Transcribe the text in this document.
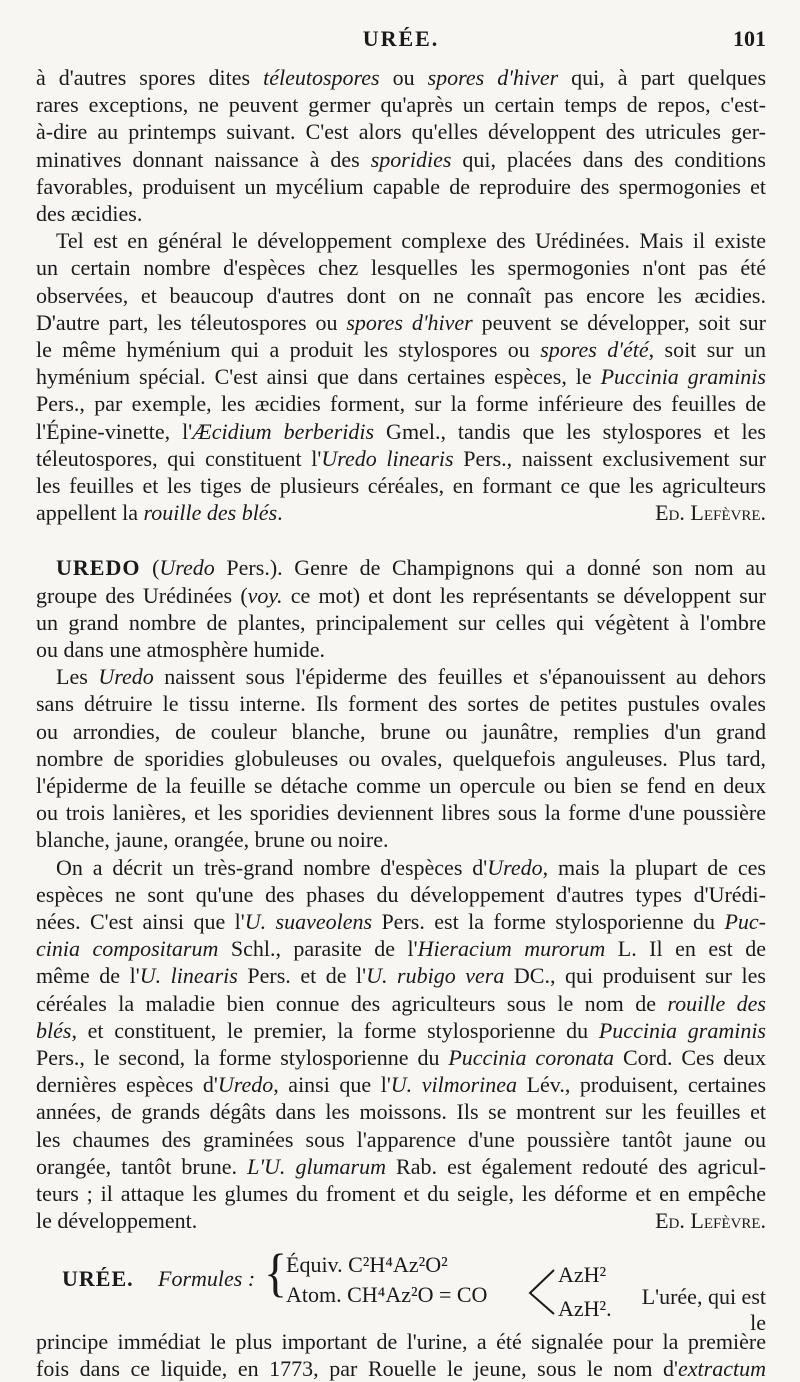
URÉE.	101
à d'autres spores dites téleutospores ou spores d'hiver qui, à part quelques
rares exceptions, ne peuvent germer qu'après un certain temps de repos, c'est-
à-dire au printemps suivant. C'est alors qu'elles développent des utricules ger-
minatives donnant naissance à des sporidies qui, placées dans des conditions
favorables, produisent un mycélium capable de reproduire des spermogonies et
des æcidies.
Tel est en général le développement complexe des Urédinées. Mais il existe
un certain nombre d'espèces chez lesquelles les spermogonies n'ont pas été
observées, et beaucoup d'autres dont on ne connaît pas encore les æcidies.
D'autre part, les téleutospores ou spores d'hiver peuvent se développer, soit sur
le même hyménium qui a produit les stylospores ou spores d'été, soit sur un
hyménium spécial. C'est ainsi que dans certaines espèces, le Puccinia graminis
Pers., par exemple, les æcidies forment, sur la forme inférieure des feuilles de
l'Épine-vinette, l'Æcidium berberidis Gmel., tandis que les stylospores et les
téleutospores, qui constituent l'Uredo linearis Pers., naissent exclusivement sur
les feuilles et les tiges de plusieurs céréales, en formant ce que les agriculteurs
appellent la rouille des blés.	Ed. Lefèvre.
UREDO (Uredo Pers.). Genre de Champignons qui a donné son nom au
groupe des Urédinées (voy. ce mot) et dont les représentants se développent sur
un grand nombre de plantes, principalement sur celles qui végètent à l'ombre
ou dans une atmosphère humide.
Les Uredo naissent sous l'épiderme des feuilles et s'épanouissent au dehors
sans détruire le tissu interne. Ils forment des sortes de petites pustules ovales
ou arrondies, de couleur blanche, brune ou jaunâtre, remplies d'un grand
nombre de sporidies globuleuses ou ovales, quelquefois anguleuses. Plus tard,
l'épiderme de la feuille se détache comme un opercule ou bien se fend en deux
ou trois lanières, et les sporidies deviennent libres sous la forme d'une poussière
blanche, jaune, orangée, brune ou noire.
On a décrit un très-grand nombre d'espèces d'Uredo, mais la plupart de ces
espèces ne sont qu'une des phases du développement d'autres types d'Urédi-
nées. C'est ainsi que l'U. suaveolens Pers. est la forme stylosporienne du Puc-
cinia compositarum Schl., parasite de l'Hieracium murorum L. Il en est de
même de l'U. linearis Pers. et de l'U. rubigo vera DC., qui produisent sur les
céréales la maladie bien connue des agriculteurs sous le nom de rouille des
blés, et constituent, le premier, la forme stylosporienne du Puccinia graminis
Pers., le second, la forme stylosporienne du Puccinia coronata Cord. Ces deux
dernières espèces d'Uredo, ainsi que l'U. vilmorinea Lév., produisent, certaines
années, de grands dégâts dans les moissons. Ils se montrent sur les feuilles et
les chaumes des graminées sous l'apparence d'une poussière tantôt jaune ou
orangée, tantôt brune. L'U. glumarum Rab. est également redouté des agricul-
teurs ; il attaque les glumes du froment et du seigle, les déforme et en empêche
le développement.	Ed. Lefèvre.
URÉE. Formules : {
Équiv. C²H⁴Az²O²
Atom. CH⁴Az²O = CO
AzH²
AzH².	L'urée, qui est le
principe immédiat le plus important de l'urine, a été signalée pour la première
fois dans ce liquide, en 1773, par Rouelle le jeune, sous le nom d'extractum
